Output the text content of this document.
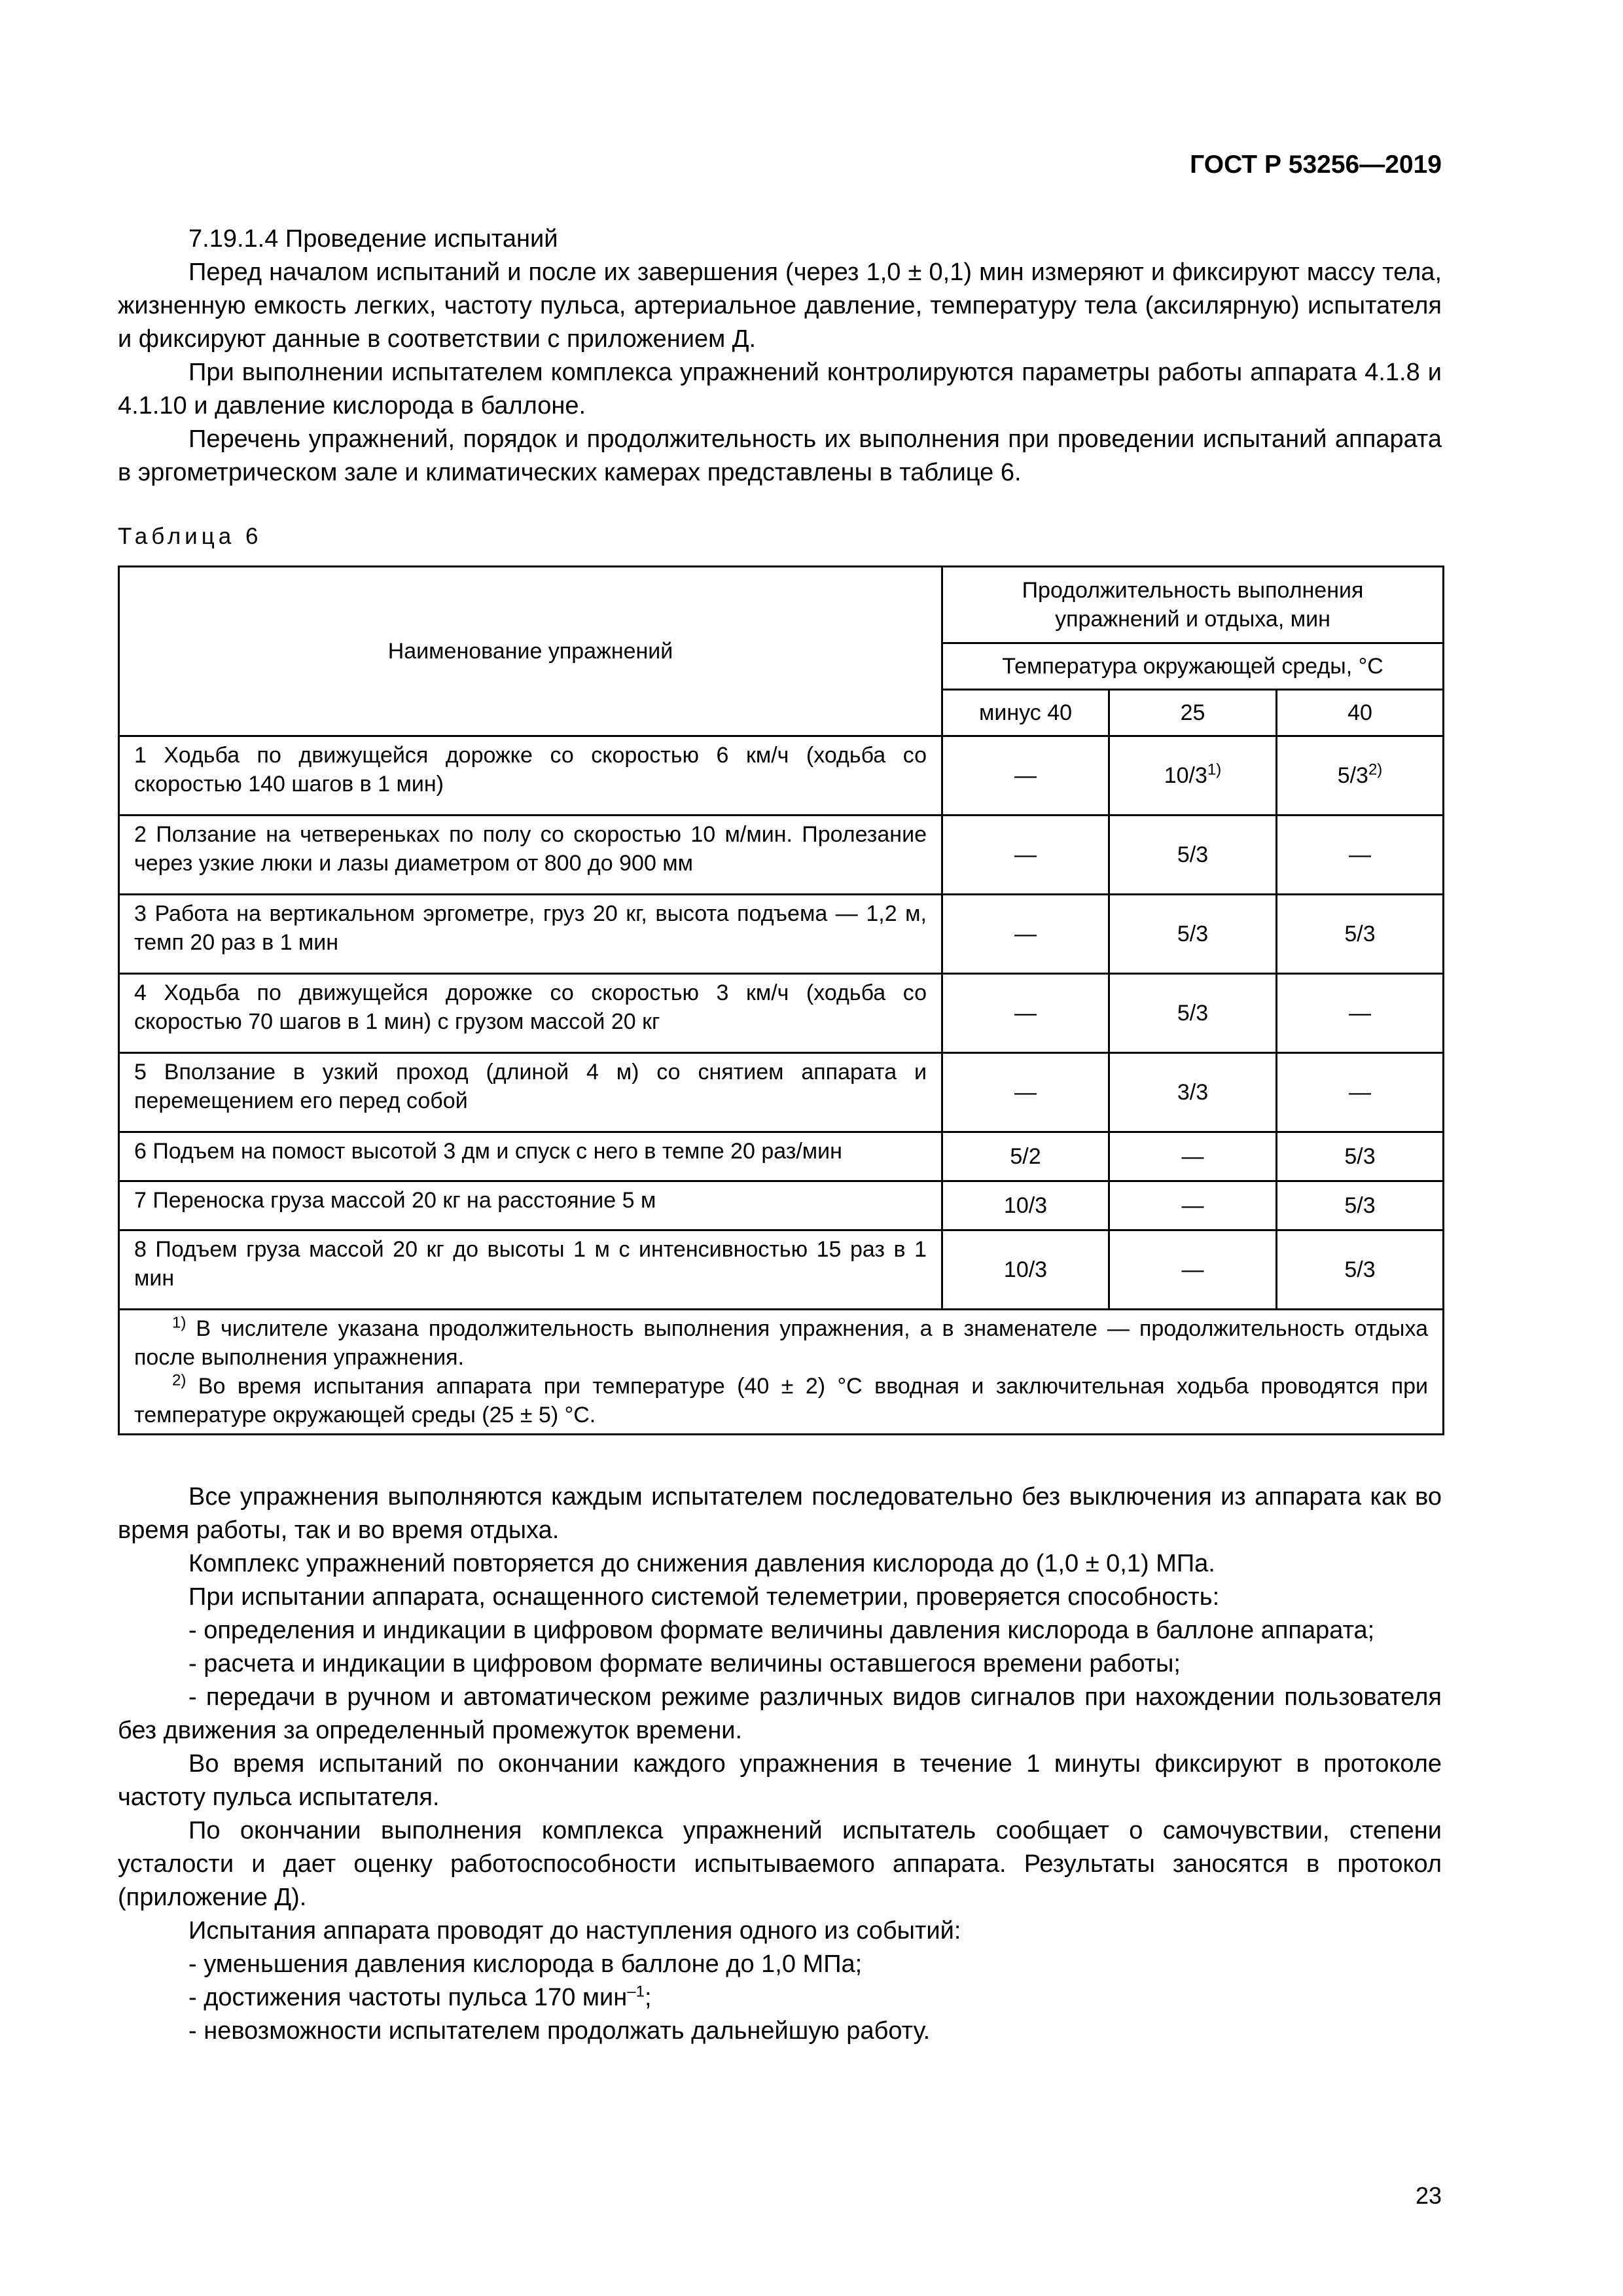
ГОСТ Р 53256—2019

7.19.1.4 Проведение испытаний

Перед началом испытаний и после их завершения (через 1,0 ± 0,1) мин измеряют и фиксируют массу тела, жизненную емкость легких, частоту пульса, артериальное давление, температуру тела (аксилярную) испытателя и фиксируют данные в соответствии с приложением Д.

При выполнении испытателем комплекса упражнений контролируются параметры работы аппарата 4.1.8 и 4.1.10 и давление кислорода в баллоне.

Перечень упражнений, порядок и продолжительность их выполнения при проведении испытаний аппарата в эргометрическом зале и климатических камерах представлены в таблице 6.

Таблица 6
Наименование упражнений	Продолжительность выполнения упражнений и отдыха, мин		
	Температура окружающей среды, °С		
	минус 40	25	40
1 Ходьба по движущейся дорожке со скоростью 6 км/ч (ходьба со скоростью 140 шагов в 1 мин)	—	10/3$^{1)}$	5/3$^{2)}$
2 Ползание на четвереньках по полу со скоростью 10 м/мин. Пролезание через узкие люки и лазы диаметром от 800 до 900 мм	—	5/3	—
3 Работа на вертикальном эргометре, груз 20 кг, высота подъема — 1,2 м, темп 20 раз в 1 мин	—	5/3	5/3
4 Ходьба по движущейся дорожке со скоростью 3 км/ч (ходьба со скоростью 70 шагов в 1 мин) с грузом массой 20 кг	—	5/3	—
5 Вползание в узкий проход (длиной 4 м) со снятием аппарата и перемещением его перед собой	—	3/3	—
6 Подъем на помост высотой 3 дм и спуск с него в темпе 20 раз/мин	5/2	—	5/3
7 Переноска груза массой 20 кг на расстояние 5 м	10/3	—	5/3
8 Подъем груза массой 20 кг до высоты 1 м с интенсивностью 15 раз в 1 мин	10/3	—	5/3

$^{1)}$ В числителе указана продолжительность выполнения упражнения, а в знаменателе — продолжительность отдыха после выполнения упражнения.

$^{2)}$ Во время испытания аппарата при температуре (40 ± 2) °С вводная и заключительная ходьба проводятся при температуре окружающей среды (25 ± 5) °С.			

Все упражнения выполняются каждым испытателем последовательно без выключения из аппарата как во время работы, так и во время отдыха.

Комплекс упражнений повторяется до снижения давления кислорода до (1,0 ± 0,1) МПа.

При испытании аппарата, оснащенного системой телеметрии, проверяется способность:

- определения и индикации в цифровом формате величины давления кислорода в баллоне аппарата;

- расчета и индикации в цифровом формате величины оставшегося времени работы;

- передачи в ручном и автоматическом режиме различных видов сигналов при нахождении пользователя без движения за определенный промежуток времени.

Во время испытаний по окончании каждого упражнения в течение 1 минуты фиксируют в протоколе частоту пульса испытателя.

По окончании выполнения комплекса упражнений испытатель сообщает о самочувствии, степени усталости и дает оценку работоспособности испытываемого аппарата. Результаты заносятся в протокол (приложение Д).

Испытания аппарата проводят до наступления одного из событий:

- уменьшения давления кислорода в баллоне до 1,0 МПа;

- достижения частоты пульса 170 мин$^{-1}$;

- невозможности испытателем продолжать дальнейшую работу.

23
